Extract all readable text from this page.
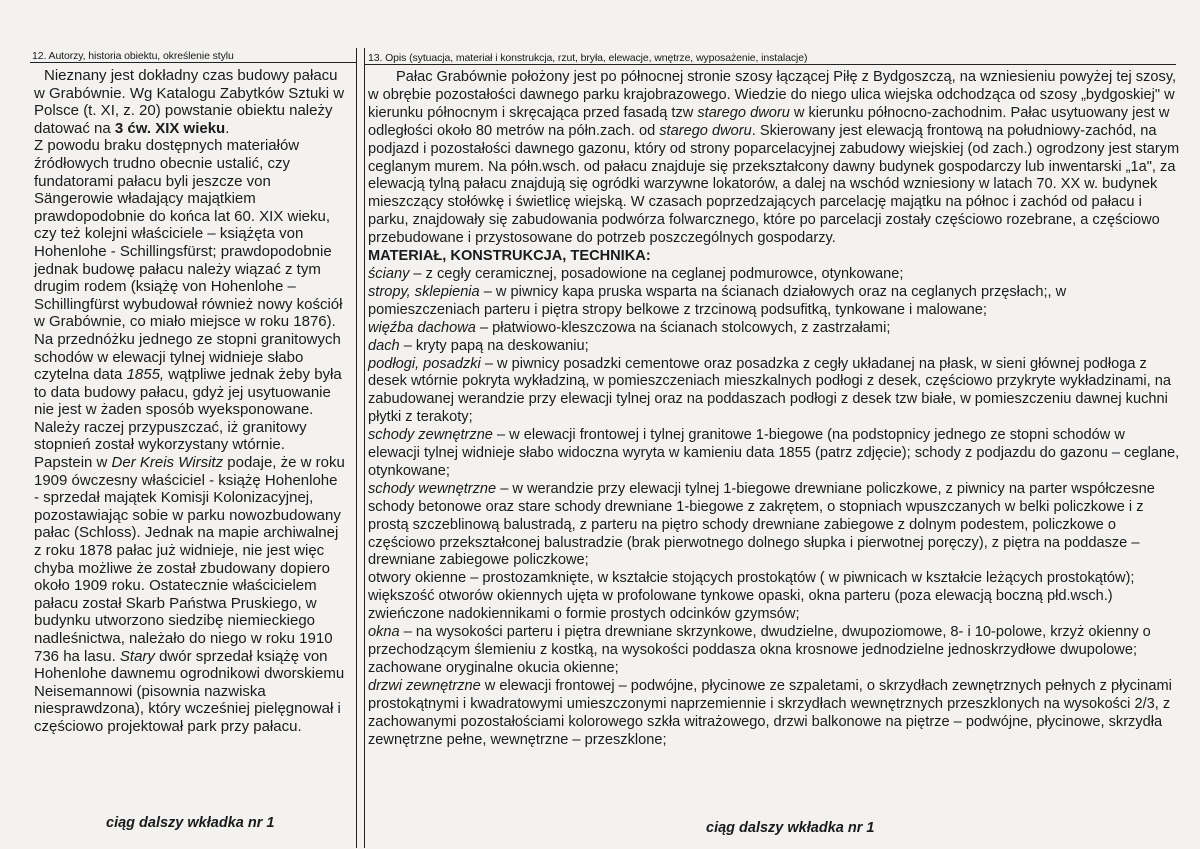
12. Autorzy, historia obiektu, określenie stylu	13. Opis (sytuacja, materiał i konstrukcja, rzut, bryła, elewacje, wnętrze, wyposażenie, instalacje)

Nieznany jest dokładny czas budowy pałacu w Grabównie. Wg Katalogu Zabytków Sztuki w Polsce (t. XI, z. 20) powstanie obiektu należy datować na 3 ćw. XIX wieku.

Z powodu braku dostępnych materiałów źródłowych trudno obecnie ustalić, czy fundatorami pałacu byli jeszcze von Sängerowie władający majątkiem prawdopodobnie do końca lat 60. XIX wieku, czy też kolejni właściciele – książęta von Hohenlohe - Schillingsfürst; prawdopodobnie jednak budowę pałacu należy wiązać z tym drugim rodem (książę von Hohenlohe – Schillingfürst wybudował również nowy kościół w Grabównie, co miało miejsce w roku 1876).

Na przednóżku jednego ze stopni granitowych schodów w elewacji tylnej widnieje słabo czytelna data 1855, wątpliwe jednak żeby była to data budowy pałacu, gdyż jej usytuowanie nie jest w żaden sposób wyeksponowane. Należy raczej przypuszczać, iż granitowy stopnień został wykorzystany wtórnie.

Papstein w Der Kreis Wirsitz podaje, że w roku 1909 ówczesny właściciel - książę Hohenlohe - sprzedał majątek Komisji Kolonizacyjnej, pozostawiając sobie w parku nowozbudowany pałac (Schloss). Jednak na mapie archiwalnej z roku 1878 pałac już widnieje, nie jest więc chyba możliwe że został zbudowany dopiero około 1909 roku. Ostatecznie właścicielem pałacu został Skarb Państwa Pruskiego, w budynku utworzono siedzibę niemieckiego nadleśnictwa, należało do niego w roku 1910 736 ha lasu. Stary dwór sprzedał książę von Hohenlohe dawnemu ogrodnikowi dworskiemu Neisemannowi (pisownia nazwiska niesprawdzona), który wcześniej pielęgnował i częściowo projektował park przy pałacu.

ciąg dalszy wkładka nr 1

Pałac Grabównie położony jest po północnej stronie szosy łączącej Piłę z Bydgoszczą, na wzniesieniu powyżej tej szosy, w obrębie pozostałości dawnego parku krajobrazowego. Wiedzie do niego ulica wiejska odchodząca od szosy „bydgoskiej" w kierunku północnym i skręcająca przed fasadą tzw starego dworu w kierunku północno-zachodnim. Pałac usytuowany jest w odległości około 80 metrów na półn.zach. od starego dworu. Skierowany jest elewacją frontową na południowy-zachód, na podjazd i pozostałości dawnego gazonu, który od strony poparcelacyjnej zabudowy wiejskiej (od zach.) ogrodzony jest starym ceglanym murem. Na półn.wsch. od pałacu znajduje się przekształcony dawny budynek gospodarczy lub inwentarski „1a", za elewacją tylną pałacu znajdują się ogródki warzywne lokatorów, a dalej na wschód wzniesiony w latach 70. XX w. budynek mieszczący stołówkę i świetlicę wiejską. W czasach poprzedzających parcelację majątku na północ i zachód od pałacu i parku, znajdowały się zabudowania podwórza folwarcznego, które po parcelacji zostały częściowo rozebrane, a częściowo przebudowane i przystosowane do potrzeb poszczególnych gospodarzy.

MATERIAŁ, KONSTRUKCJA, TECHNIKA:

ściany – z cegły ceramicznej, posadowione na ceglanej podmurowce, otynkowane;

stropy, sklepienia – w piwnicy kapa pruska wsparta na ścianach działowych oraz na ceglanych przęsłach;, w pomieszczeniach parteru i piętra stropy belkowe z trzcinową podsufitką, tynkowane i malowane;

więźba dachowa – płatwiowo-kleszczowa na ścianach stolcowych, z zastrzałami;

dach – kryty papą na deskowaniu;

podłogi, posadzki – w piwnicy posadzki cementowe oraz posadzka z cegły układanej na płask, w sieni głównej podłoga z desek wtórnie pokryta wykładziną, w pomieszczeniach mieszkalnych podłogi z desek, częściowo przykryte wykładzinami, na zabudowanej werandzie przy elewacji tylnej oraz na poddaszach podłogi z desek tzw białe, w pomieszczeniu dawnej kuchni płytki z terakoty;

schody zewnętrzne – w elewacji frontowej i tylnej granitowe 1-biegowe (na podstopnicy jednego ze stopni schodów w elewacji tylnej widnieje słabo widoczna wyryta w kamieniu data 1855 (patrz zdjęcie); schody z podjazdu do gazonu – ceglane, otynkowane;

schody wewnętrzne – w werandzie przy elewacji tylnej 1-biegowe drewniane policzkowe, z piwnicy na parter współczesne schody betonowe oraz stare schody drewniane 1-biegowe z zakrętem, o stopniach wpuszczanych w belki policzkowe i z prostą szczeblinową balustradą, z parteru na piętro schody drewniane zabiegowe z dolnym podestem, policzkowe o częściowo przekształconej balustradzie (brak pierwotnego dolnego słupka i pierwotnej poręczy), z piętra na poddasze – drewniane zabiegowe policzkowe;

otwory okienne – prostozamknięte, w kształcie stojących prostokątów ( w piwnicach w kształcie leżących prostokątów); większość otworów okiennych ujęta w profolowane tynkowe opaski, okna parteru (poza elewacją boczną płd.wsch.) zwieńczone nadokiennikami o formie prostych odcinków gzymsów;

okna – na wysokości parteru i piętra drewniane skrzynkowe, dwudzielne, dwupoziomowe, 8- i 10-polowe, krzyż okienny o przechodzącym ślemieniu z kostką, na wysokości poddasza okna krosnowe jednodzielne jednoskrzydłowe dwupolowe; zachowane oryginalne okucia okienne;

drzwi zewnętrzne w elewacji frontowej – podwójne, płycinowe ze szpaletami, o skrzydłach zewnętrznych pełnych z płycinami prostokątnymi i kwadratowymi umieszczonymi naprzemiennie i skrzydłach wewnętrznych przeszklonych na wysokości 2/3, z zachowanymi pozostałościami kolorowego szkła witrażowego, drzwi balkonowe na piętrze – podwójne, płycinowe, skrzydła zewnętrzne pełne, wewnętrzne – przeszklone;

ciąg dalszy wkładka nr 1
